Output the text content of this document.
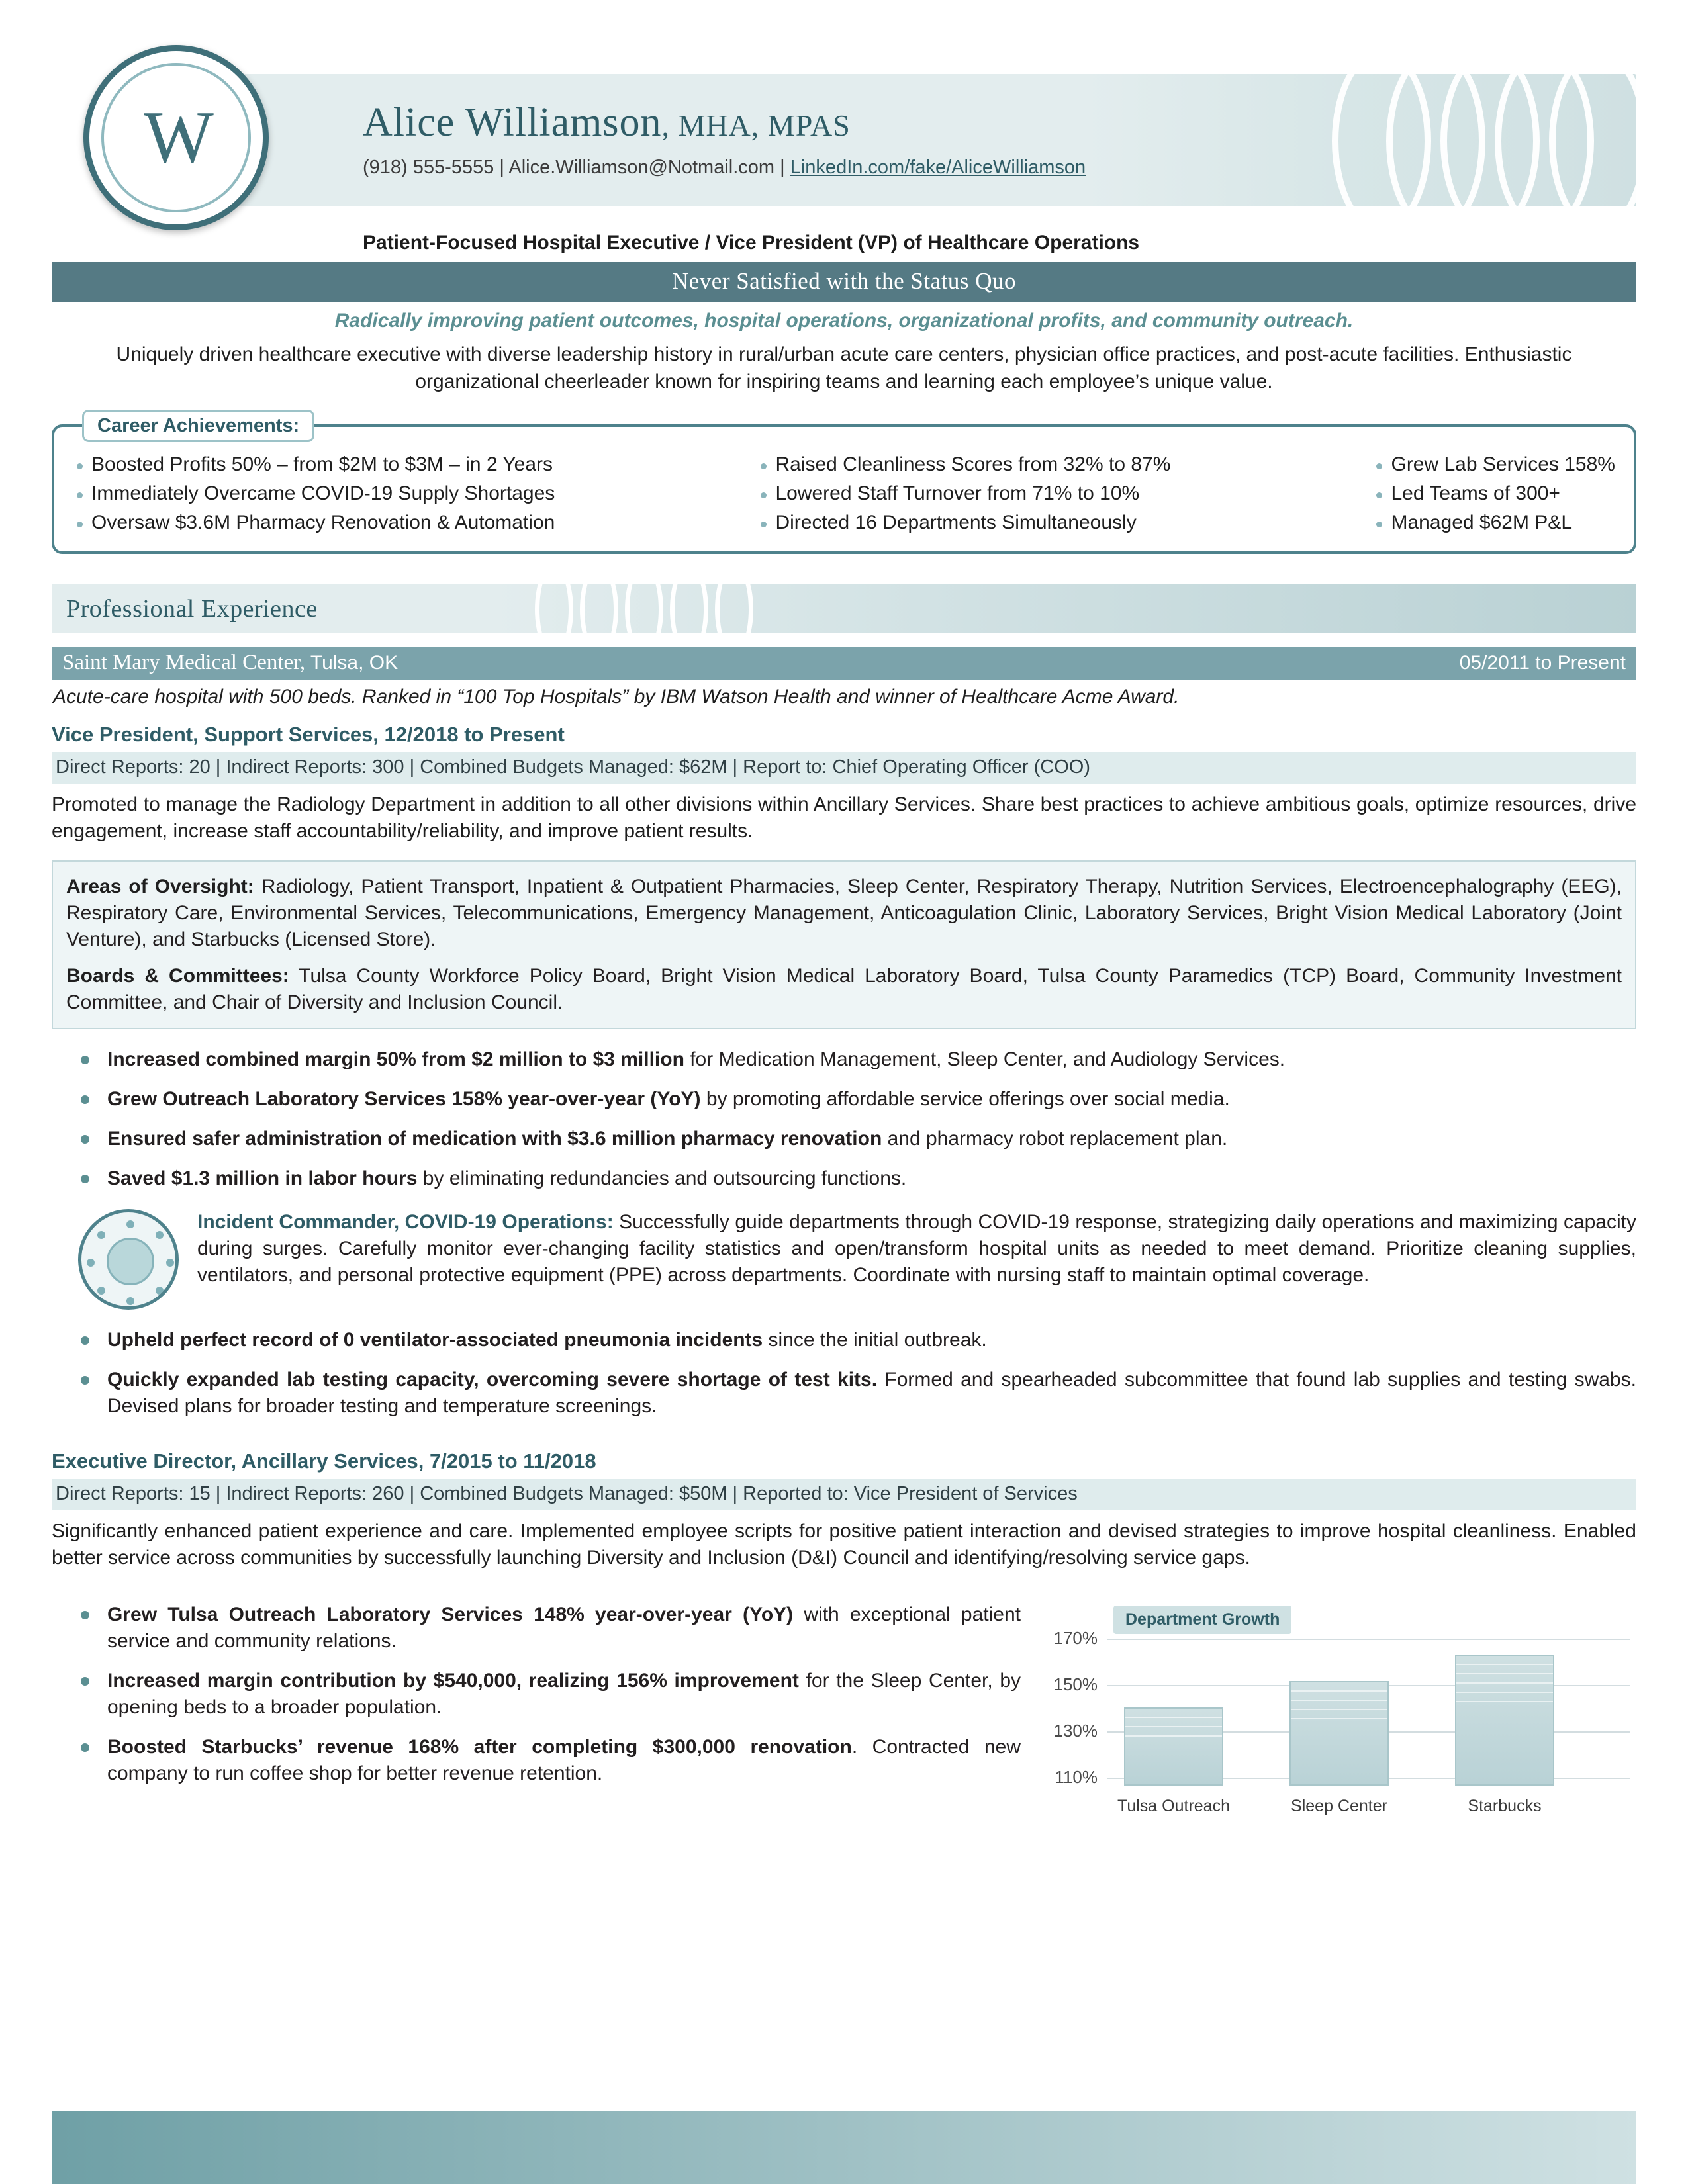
W	Alice Williamson, MHA, MPAS
(918) 555-5555 | Alice.Williamson@Notmail.com | LinkedIn.com/fake/AliceWilliamson
Patient-Focused Hospital Executive / Vice President (VP) of Healthcare Operations
Never Satisfied with the Status Quo
Radically improving patient outcomes, hospital operations, organizational profits, and community outreach.
Uniquely driven healthcare executive with diverse leadership history in rural/urban acute care centers, physician office practices, and post-acute facilities. Enthusiastic organizational cheerleader known for inspiring teams and learning each employee’s unique value.
Career Achievements:
Boosted Profits 50% – from $2M to $3M – in 2 Years
Immediately Overcame COVID-19 Supply Shortages
Oversaw $3.6M Pharmacy Renovation & Automation
Raised Cleanliness Scores from 32% to 87%
Lowered Staff Turnover from 71% to 10%
Directed 16 Departments Simultaneously
Grew Lab Services 158%
Led Teams of 300+
Managed $62M P&L
Professional Experience
Saint Mary Medical Center, Tulsa, OK	05/2011 to Present
Acute-care hospital with 500 beds. Ranked in “100 Top Hospitals” by IBM Watson Health and winner of Healthcare Acme Award.
Vice President, Support Services, 12/2018 to Present
Direct Reports: 20 | Indirect Reports: 300 | Combined Budgets Managed: $62M | Report to: Chief Operating Officer (COO)
Promoted to manage the Radiology Department in addition to all other divisions within Ancillary Services. Share best practices to achieve ambitious goals, optimize resources, drive engagement, increase staff accountability/reliability, and improve patient results.

Areas of Oversight: Radiology, Patient Transport, Inpatient & Outpatient Pharmacies, Sleep Center, Respiratory Therapy, Nutrition Services, Electroencephalography (EEG), Respiratory Care, Environmental Services, Telecommunications, Emergency Management, Anticoagulation Clinic, Laboratory Services, Bright Vision Medical Laboratory (Joint Venture), and Starbucks (Licensed Store).

Boards & Committees: Tulsa County Workforce Policy Board, Bright Vision Medical Laboratory Board, Tulsa County Paramedics (TCP) Board, Community Investment Committee, and Chair of Diversity and Inclusion Council.

Increased combined margin 50% from $2 million to $3 million for Medication Management, Sleep Center, and Audiology Services.
Grew Outreach Laboratory Services 158% year-over-year (YoY) by promoting affordable service offerings over social media.
Ensured safer administration of medication with $3.6 million pharmacy renovation and pharmacy robot replacement plan.
Saved $1.3 million in labor hours by eliminating redundancies and outsourcing functions.
Incident Commander, COVID-19 Operations: Successfully guide departments through COVID-19 response, strategizing daily operations and maximizing capacity during surges. Carefully monitor ever-changing facility statistics and open/transform hospital units as needed to meet demand. Prioritize cleaning supplies, ventilators, and personal protective equipment (PPE) across departments. Coordinate with nursing staff to maintain optimal coverage.
Upheld perfect record of 0 ventilator-associated pneumonia incidents since the initial outbreak.
Quickly expanded lab testing capacity, overcoming severe shortage of test kits. Formed and spearheaded subcommittee that found lab supplies and testing swabs. Devised plans for broader testing and temperature screenings.
Executive Director, Ancillary Services, 7/2015 to 11/2018
Direct Reports: 15 | Indirect Reports: 260 | Combined Budgets Managed: $50M | Reported to: Vice President of Services
Significantly enhanced patient experience and care. Implemented employee scripts for positive patient interaction and devised strategies to improve hospital cleanliness. Enabled better service across communities by successfully launching Diversity and Inclusion (D&I) Council and identifying/resolving service gaps.
Grew Tulsa Outreach Laboratory Services 148% year-over-year (YoY) with exceptional patient service and community relations.
Increased margin contribution by $540,000, realizing 156% improvement for the Sleep Center, by opening beds to a broader population.
Boosted Starbucks’ revenue 168% after completing $300,000 renovation. Contracted new company to run coffee shop for better revenue retention.
Department Growth
170%
150%
130%
110%
Tulsa Outreach	Sleep Center	Starbucks
